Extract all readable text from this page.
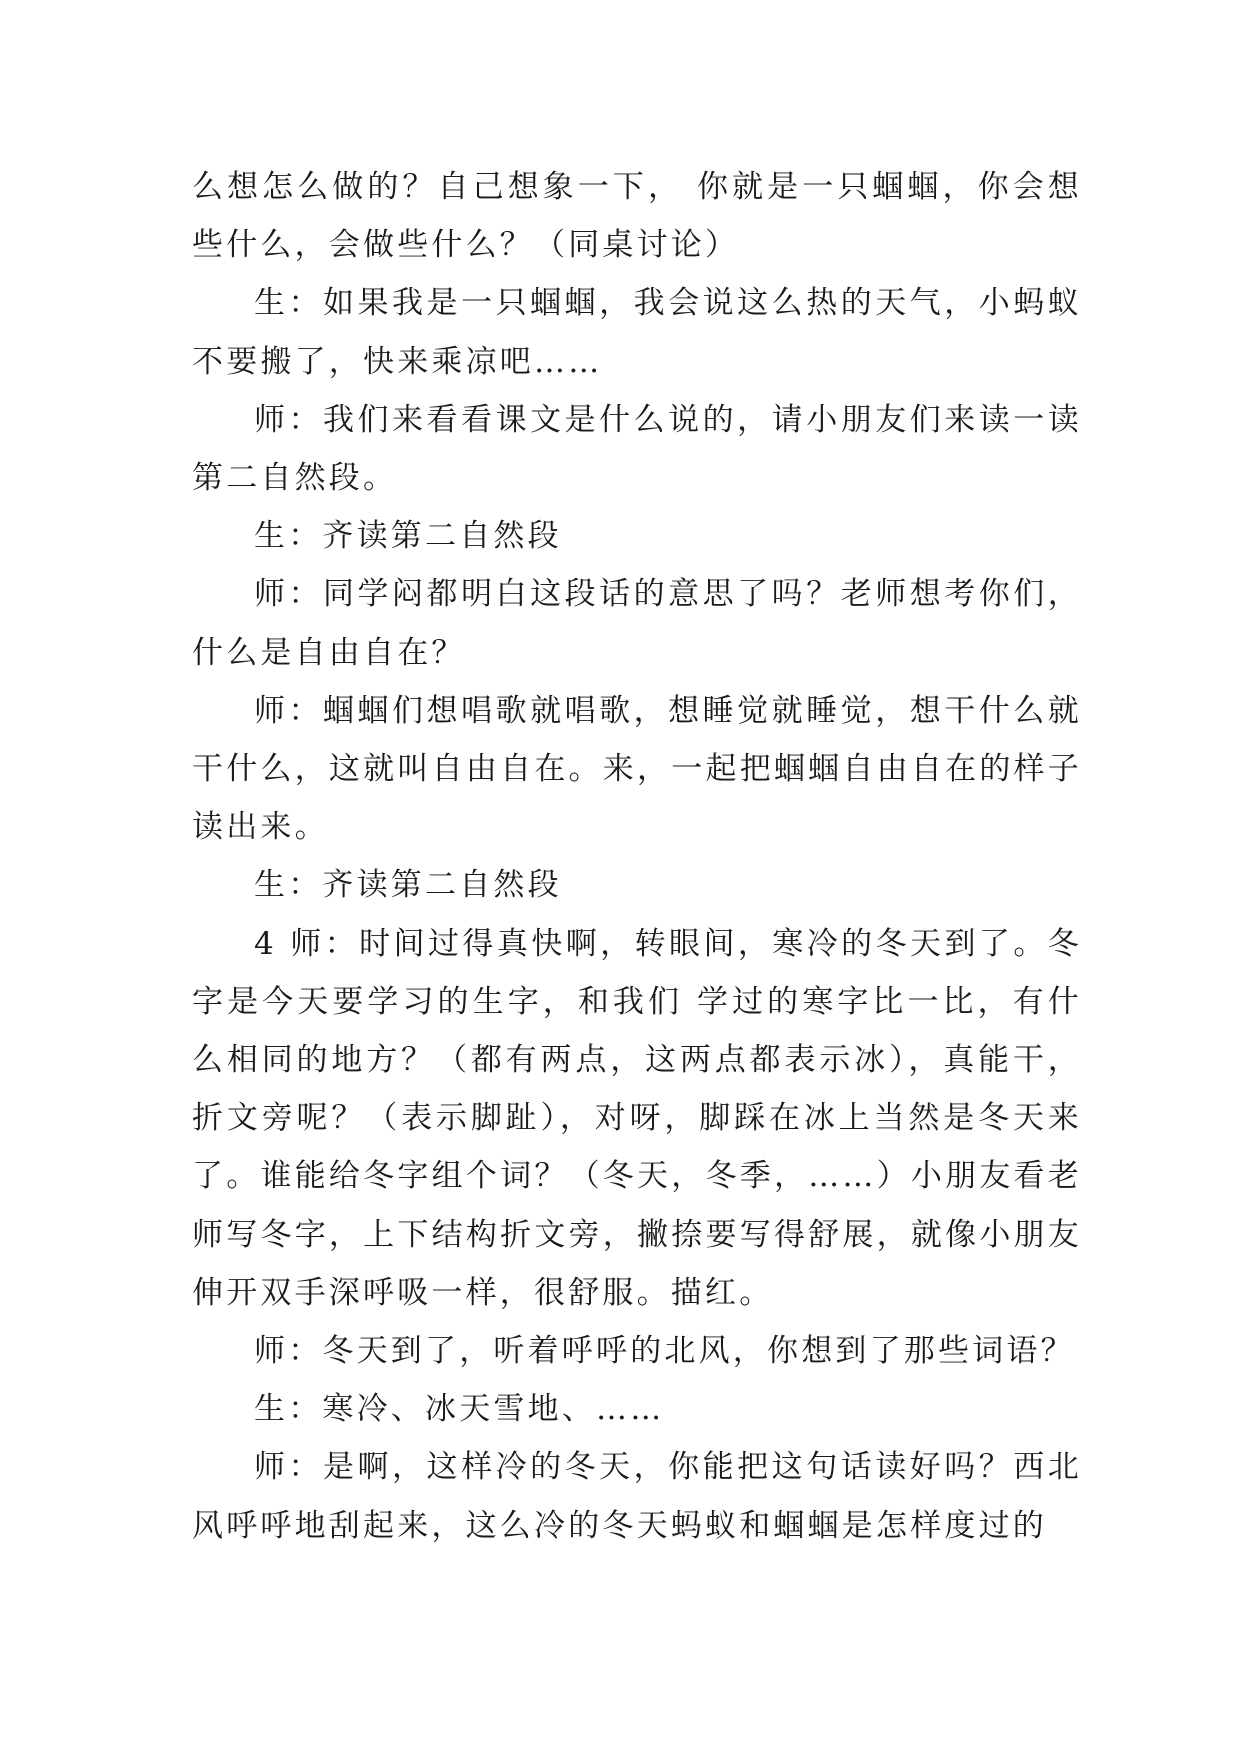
么想怎么做的？自己想象一下， 你就是一只蝈蝈，你会想些什么，会做些什么？（同桌讨论）

生：如果我是一只蝈蝈，我会说这么热的天气，小蚂蚁不要搬了，快来乘凉吧……

师：我们来看看课文是什么说的，请小朋友们来读一读第二自然段。

生：齐读第二自然段

师：同学闷都明白这段话的意思了吗？老师想考你们，什么是自由自在？

师：蝈蝈们想唱歌就唱歌，想睡觉就睡觉，想干什么就干什么，这就叫自由自在。来，一起把蝈蝈自由自在的样子读出来。

生：齐读第二自然段

4 师：时间过得真快啊，转眼间，寒冷的冬天到了。冬字是今天要学习的生字，和我们 学过的寒字比一比，有什么相同的地方？（都有两点，这两点都表示冰），真能干，折文旁呢？（表示脚趾），对呀，脚踩在冰上当然是冬天来了。谁能给冬字组个词？（冬天，冬季，……）小朋友看老师写冬字，上下结构折文旁，撇捺要写得舒展，就像小朋友伸开双手深呼吸一样，很舒服。描红。

师：冬天到了，听着呼呼的北风，你想到了那些词语？

生：寒冷、冰天雪地、……

师：是啊，这样冷的冬天，你能把这句话读好吗？西北风呼呼地刮起来，这么冷的冬天蚂蚁和蝈蝈是怎样度过的
